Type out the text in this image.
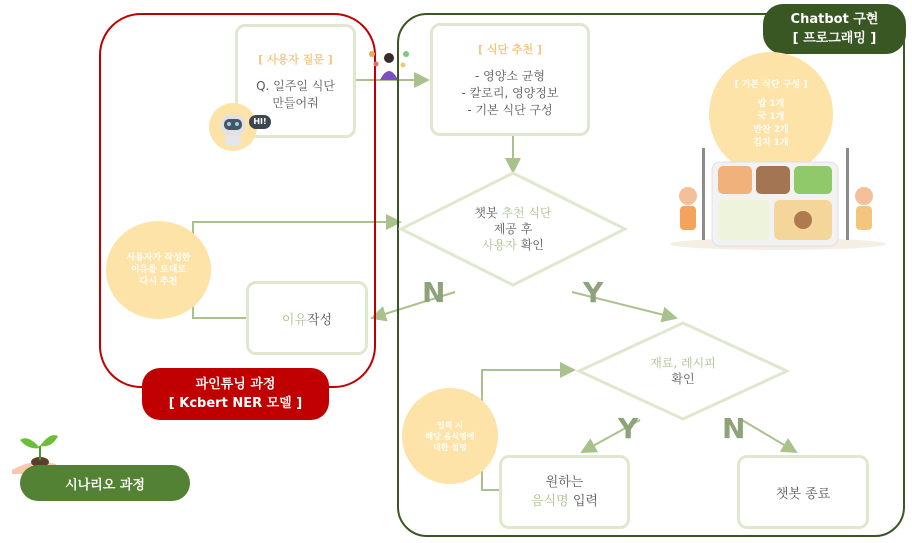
[ 사용자 질문 ]
Q. 일주일 식단
만들어줘
HI!
사용자가 작성한
이유를 토대로
다시 추천
이유 작성
파인튜닝 과정
[ Kcbert NER 모델 ]
Chatbot 구현
[ 프로그래밍 ]
[ 식단 추천 ]
- 영양소 균형
- 칼로리, 영양정보
- 기본 식단 구성
[ 기본 식단 구성 ]
밥 1개
국 1개
반찬 2개
김치 1개
챗봇 추천 식단
제공 후
사용자 확인
N	Y
Y	N
재료, 레시피
확인
입력 시
해당 음식명에
대한 설명
원하는
음식명 입력	챗봇 종료
시나리오 과정
